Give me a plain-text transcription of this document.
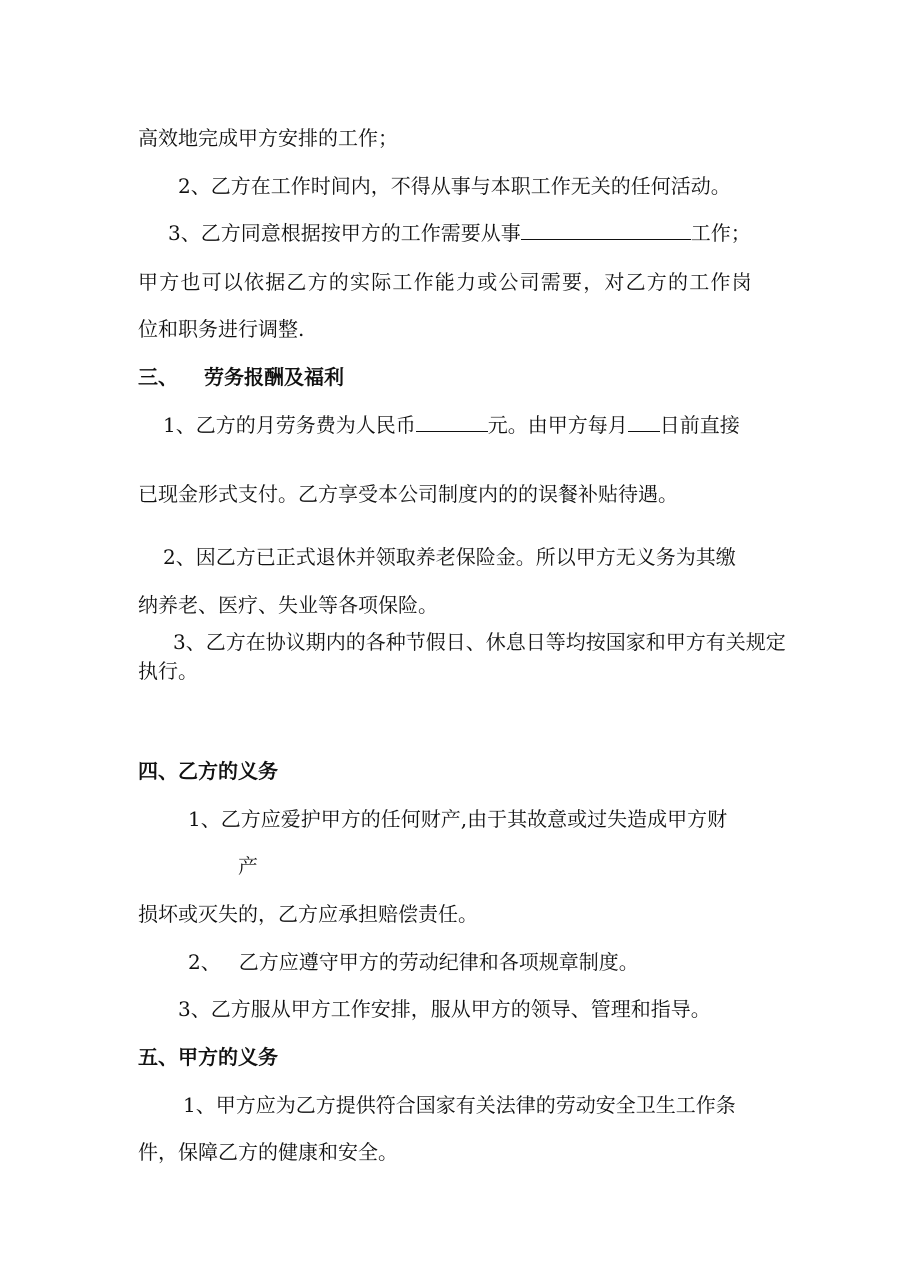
高效地完成甲方安排的工作；
2、乙方在工作时间内，不得从事与本职工作无关的任何活动。
3、乙方同意根据按甲方的工作需要从事	工作；
甲方也可以依据乙方的实际工作能力或公司需要，对乙方的工作岗
位和职务进行调整.
三、 劳务报酬及福利
1、乙方的月劳务费为人民币	元。由甲方每月 日前直接
已现金形式支付。乙方享受本公司制度内的的误餐补贴待遇。
2、因乙方已正式退休并领取养老保险金。所以甲方无义务为其缴
纳养老、医疗、失业等各项保险。
3、乙方在协议期内的各种节假日、休息日等均按国家和甲方有关规定
执行。
四、乙方的义务
1、乙方应爱护甲方的任何财产,由于其故意或过失造成甲方财
产
损坏或灭失的，乙方应承担赔偿责任。
2、 乙方应遵守甲方的劳动纪律和各项规章制度。
3、乙方服从甲方工作安排，服从甲方的领导、管理和指导。
五、甲方的义务
1、甲方应为乙方提供符合国家有关法律的劳动安全卫生工作条
件，保障乙方的健康和安全。
